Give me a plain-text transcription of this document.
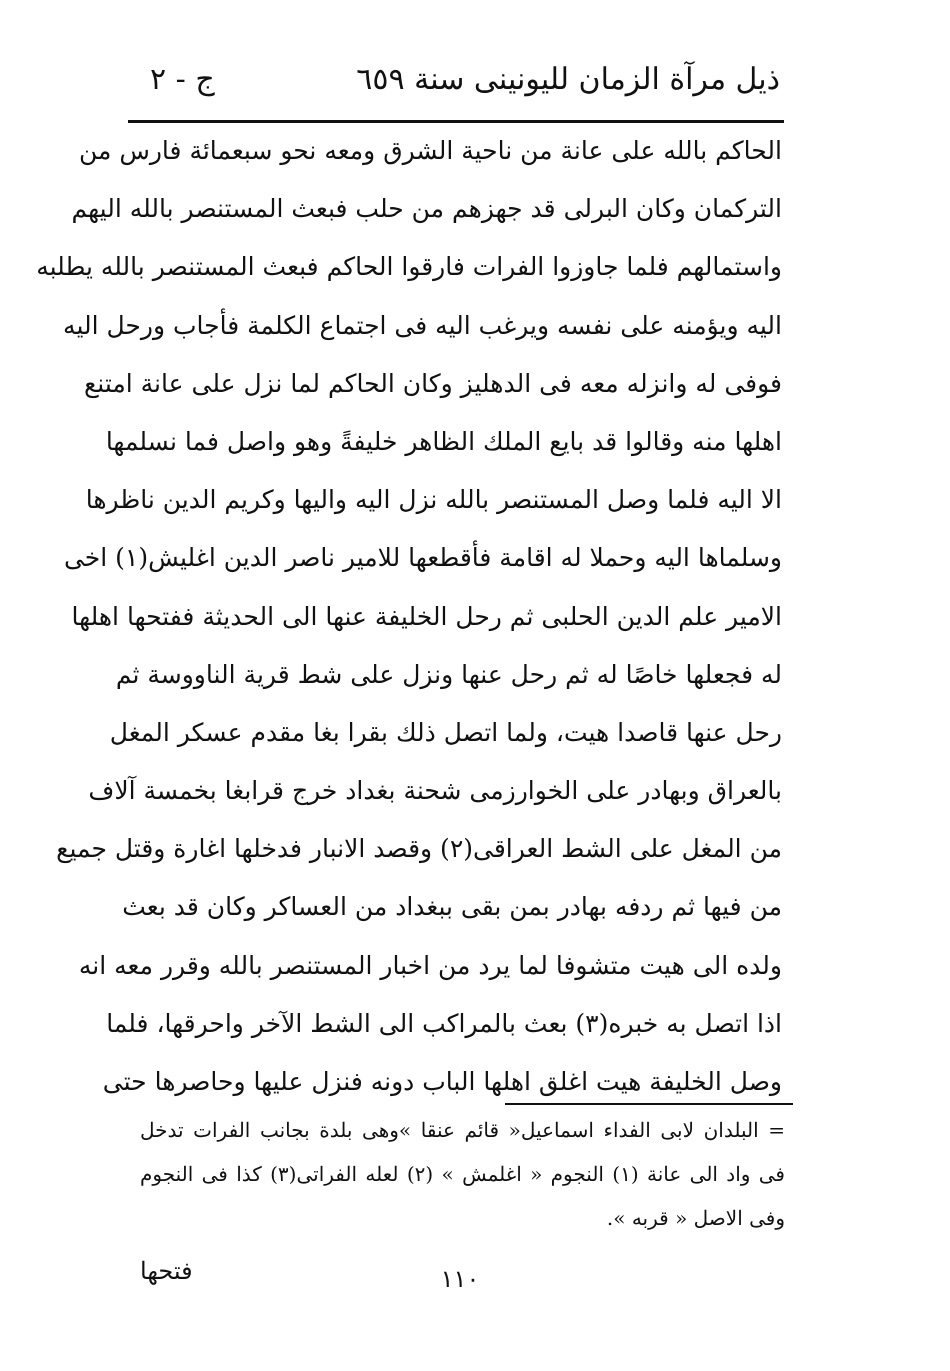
ذيل مرآة الزمان لليونينى سنة ٦٥٩
ج - ٢
الحاكم بالله على عانة من ناحية الشرق ومعه نحو سبعمائة فارس من
التركمان وكان البرلى قد جهزهم من حلب فبعث المستنصر بالله اليهم
واستمالهم فلما جاوزوا الفرات فارقوا الحاكم فبعث المستنصر بالله يطلبه
اليه ويؤمنه على نفسه ويرغب اليه فى اجتماع الكلمة فأجاب ورحل اليه
فوفى له وانزله معه فى الدهليز وكان الحاكم لما نزل على عانة امتنع
اهلها منه وقالوا قد بايع الملك الظاهر خليفةً وهو واصل فما نسلمها
الا اليه فلما وصل المستنصر بالله نزل اليه واليها وكريم الدين ناظرها
وسلماها اليه وحملا له اقامة فأقطعها للامير ناصر الدين اغليش(١) اخى
الامير علم الدين الحلبى ثم رحل الخليفة عنها الى الحديثة ففتحها اهلها
له فجعلها خاصًا له ثم رحل عنها ونزل على شط قرية الناووسة ثم
رحل عنها قاصدا هيت، ولما اتصل ذلك بقرا بغا مقدم عسكر المغل
بالعراق وبهادر على الخوارزمى شحنة بغداد خرج قرابغا بخمسة آلاف
من المغل على الشط العراقى(٢) وقصد الانبار فدخلها اغارة وقتل جميع
من فيها ثم ردفه بهادر بمن بقى ببغداد من العساكر وكان قد بعث
ولده الى هيت متشوفا لما يرد من اخبار المستنصر بالله وقرر معه انه
اذا اتصل به خبره(٣) بعث بالمراكب الى الشط الآخر واحرقها، فلما
وصل الخليفة هيت اغلق اهلها الباب دونه فنزل عليها وحاصرها حتى
= البلدان لابى الفداء اسماعيل« قائم عنقا »وهى بلدة بجانب الفرات تدخل
فى واد الى عانة (١) النجوم « اغلمش » (٢) لعله الفراتى(٣) كذا فى النجوم
وفى الاصل « قربه ».
١١٠
فتحها
